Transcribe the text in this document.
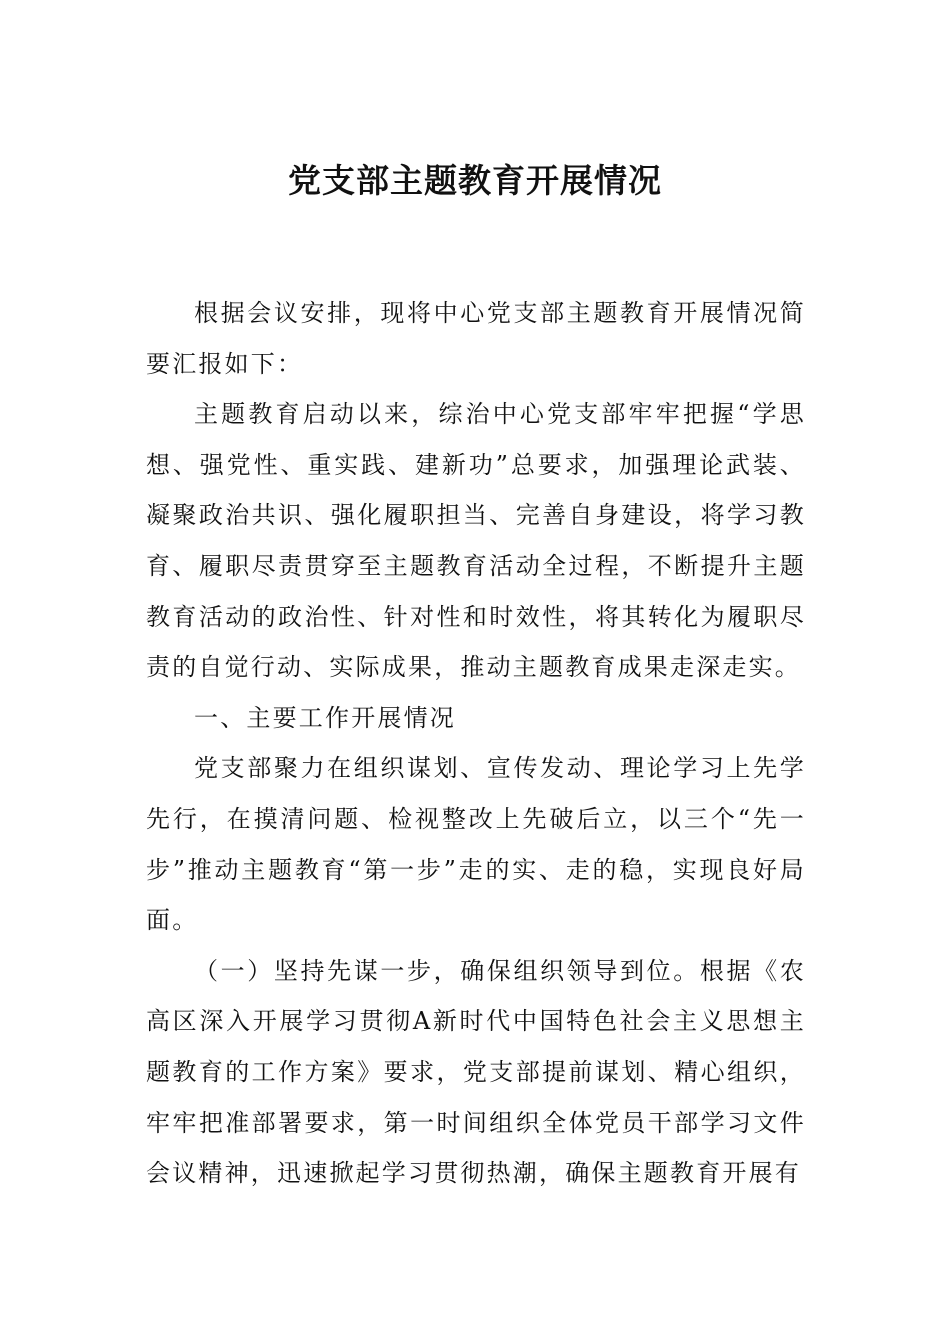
党支部主题教育开展情况

根据会议安排，现将中心党支部主题教育开展情况简要汇报如下：

主题教育启动以来，综治中心党支部牢牢把握“学思想、强党性、重实践、建新功”总要求，加强理论武装、凝聚政治共识、强化履职担当、完善自身建设，将学习教育、履职尽责贯穿至主题教育活动全过程，不断提升主题教育活动的政治性、针对性和时效性，将其转化为履职尽责的自觉行动、实际成果，推动主题教育成果走深走实。

一、主要工作开展情况

党支部聚力在组织谋划、宣传发动、理论学习上先学先行，在摸清问题、检视整改上先破后立，以三个“先一步”推动主题教育“第一步”走的实、走的稳，实现良好局面。

（一）坚持先谋一步，确保组织领导到位。根据《农高区深入开展学习贯彻A新时代中国特色社会主义思想主题教育的工作方案》要求，党支部提前谋划、精心组织，牢牢把准部署要求，第一时间组织全体党员干部学习文件会议精神，迅速掀起学习贯彻热潮，确保主题教育开展有
